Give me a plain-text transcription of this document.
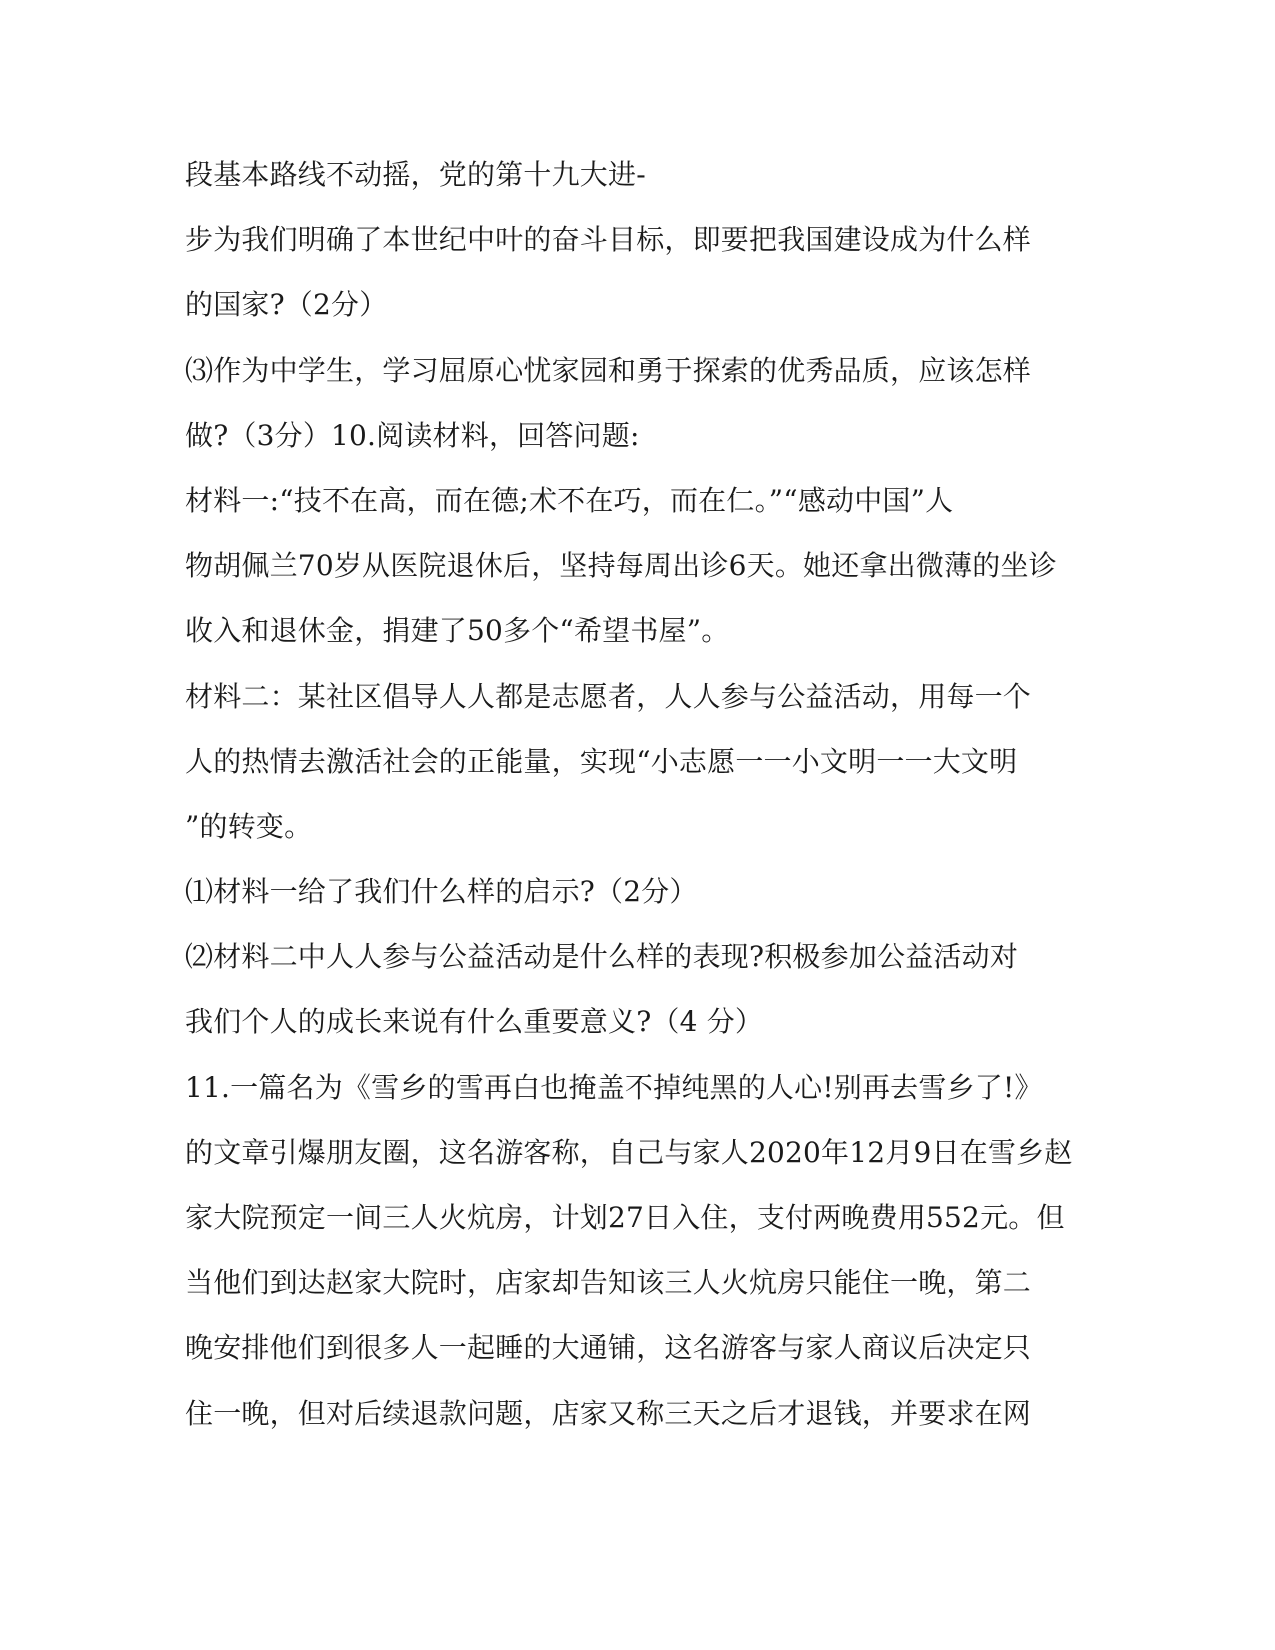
段基本路线不动摇，党的第十九大进-
步为我们明确了本世纪中叶的奋斗目标，即要把我国建设成为什么样
的国家?（2分）
⑶作为中学生，学习屈原心忧家园和勇于探索的优秀品质，应该怎样
做?（3分）10.阅读材料，回答问题:
材料一:“技不在高，而在德;术不在巧，而在仁。”“感动中国”人
物胡佩兰70岁从医院退休后，坚持每周出诊6天。她还拿出微薄的坐诊
收入和退休金，捐建了50多个“希望书屋”。
材料二：某社区倡导人人都是志愿者，人人参与公益活动，用每一个
人的热情去激活社会的正能量，实现“小志愿一一小文明一一大文明
”的转变。
⑴材料一给了我们什么样的启示?（2分）
⑵材料二中人人参与公益活动是什么样的表现?积极参加公益活动对
我们个人的成长来说有什么重要意义?（4 分）
11.一篇名为《雪乡的雪再白也掩盖不掉纯黑的人心!别再去雪乡了!》
的文章引爆朋友圈，这名游客称，自己与家人2020年12月9日在雪乡赵
家大院预定一间三人火炕房，计划27日入住，支付两晚费用552元。但
当他们到达赵家大院时，店家却告知该三人火炕房只能住一晚，第二
晚安排他们到很多人一起睡的大通铺，这名游客与家人商议后决定只
住一晚，但对后续退款问题，店家又称三天之后才退钱，并要求在网
